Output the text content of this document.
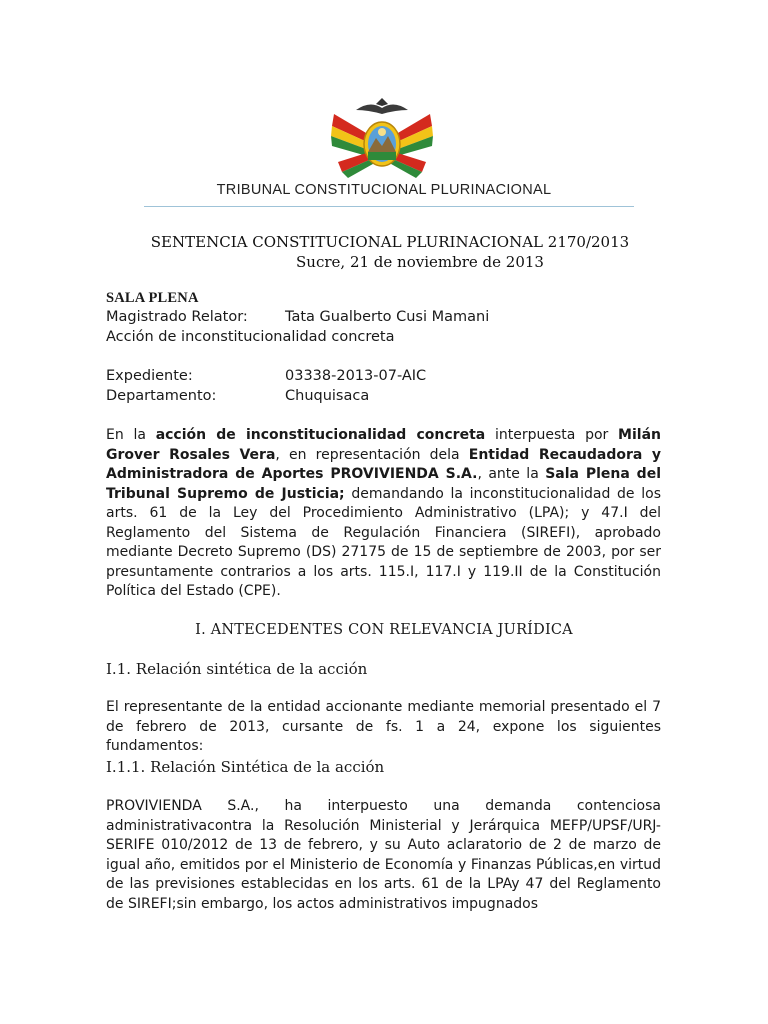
TRIBUNAL CONSTITUCIONAL PLURINACIONAL
SENTENCIA CONSTITUCIONAL PLURINACIONAL 2170/2013
Sucre, 21 de noviembre de 2013
SALA PLENA
Magistrado Relator:	Tata Gualberto Cusi Mamani
Acción de inconstitucionalidad concreta
Expediente:	03338-2013-07-AIC
Departamento:	Chuquisaca
En la acción de inconstitucionalidad concreta interpuesta por Milán Grover Rosales Vera, en representación dela Entidad Recaudadora y Administradora de Aportes PROVIVIENDA S.A., ante la Sala Plena del Tribunal Supremo de Justicia; demandando la inconstitucionalidad de los arts. 61 de la Ley del Procedimiento Administrativo (LPA); y 47.I del Reglamento del Sistema de Regulación Financiera (SIREFI), aprobado mediante Decreto Supremo (DS) 27175 de 15 de septiembre de 2003, por ser presuntamente contrarios a los arts. 115.I, 117.I y 119.II de la Constitución Política del Estado (CPE).
I. ANTECEDENTES CON RELEVANCIA JURÍDICA
I.1. Relación sintética de la acción
El representante de la entidad accionante mediante memorial presentado el 7 de febrero de 2013, cursante de fs. 1 a 24, expone los siguientes fundamentos:
I.1.1. Relación Sintética de la acción
PROVIVIENDA S.A., ha interpuesto una demanda contenciosa administrativacontra la Resolución Ministerial y Jerárquica MEFP/UPSF/URJ-SERIFE 010/2012 de 13 de febrero, y su Auto aclaratorio de 2 de marzo de igual año, emitidos por el Ministerio de Economía y Finanzas Públicas,en virtud de las previsiones establecidas en los arts. 61 de la LPAy 47 del Reglamento de SIREFI;sin embargo, los actos administrativos impugnados
